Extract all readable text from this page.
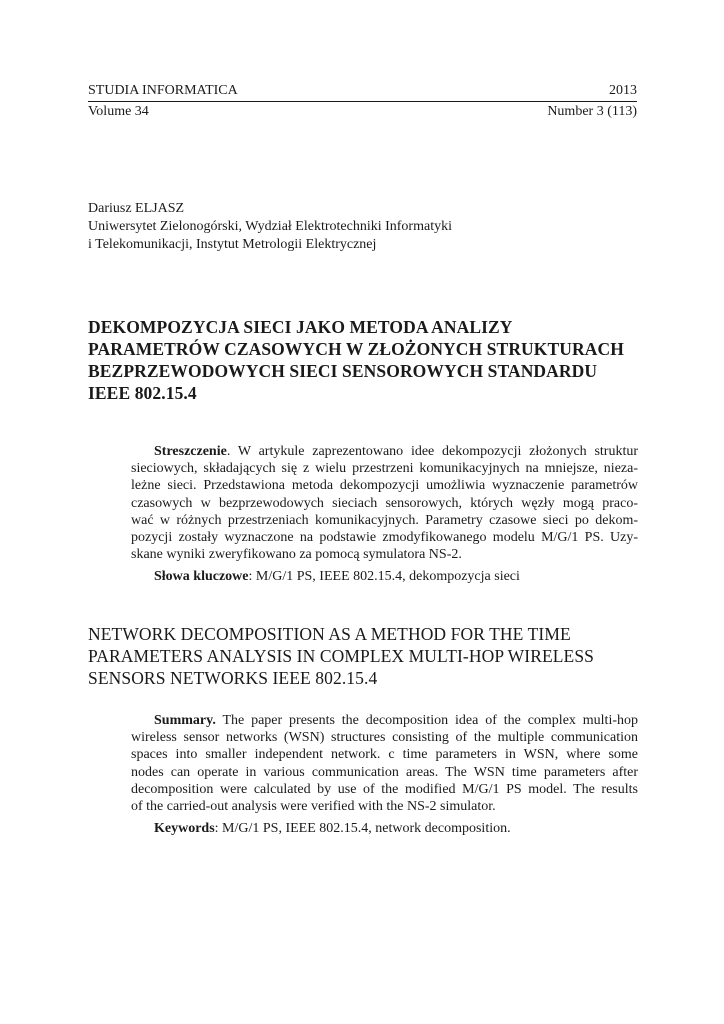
STUDIA INFORMATICA	2013
Volume 34	Number 3 (113)
Dariusz ELJASZ
Uniwersytet Zielonogórski, Wydział Elektrotechniki Informatyki
i Telekomunikacji, Instytut Metrologii Elektrycznej
DEKOMPOZYCJA SIECI JAKO METODA ANALIZY
PARAMETRÓW CZASOWYCH W ZŁOŻONYCH STRUKTURACH
BEZPRZEWODOWYCH SIECI SENSOROWYCH STANDARDU
IEEE 802.15.4
Streszczenie. W artykule zaprezentowano idee dekompozycji złożonych struktur
sieciowych, składających się z wielu przestrzeni komunikacyjnych na mniejsze, nieza-
leżne sieci. Przedstawiona metoda dekompozycji umożliwia wyznaczenie parametrów
czasowych w bezprzewodowych sieciach sensorowych, których węzły mogą praco-
wać w różnych przestrzeniach komunikacyjnych. Parametry czasowe sieci po dekom-
pozycji zostały wyznaczone na podstawie zmodyfikowanego modelu M/G/1 PS. Uzy-
skane wyniki zweryfikowano za pomocą symulatora NS-2.
Słowa kluczowe: M/G/1 PS, IEEE 802.15.4, dekompozycja sieci
NETWORK DECOMPOSITION AS A METHOD FOR THE TIME
PARAMETERS ANALYSIS IN COMPLEX MULTI-HOP WIRELESS
SENSORS NETWORKS IEEE 802.15.4
Summary. The paper presents the decomposition idea of the complex multi-hop
wireless sensor networks (WSN) structures consisting of the multiple communication
spaces into smaller independent network. c time parameters in WSN, where some
nodes can operate in various communication areas. The WSN time parameters after
decomposition were calculated by use of the modified M/G/1 PS model. The results
of the carried-out analysis were verified with the NS-2 simulator.
Keywords: M/G/1 PS, IEEE 802.15.4, network decomposition.
